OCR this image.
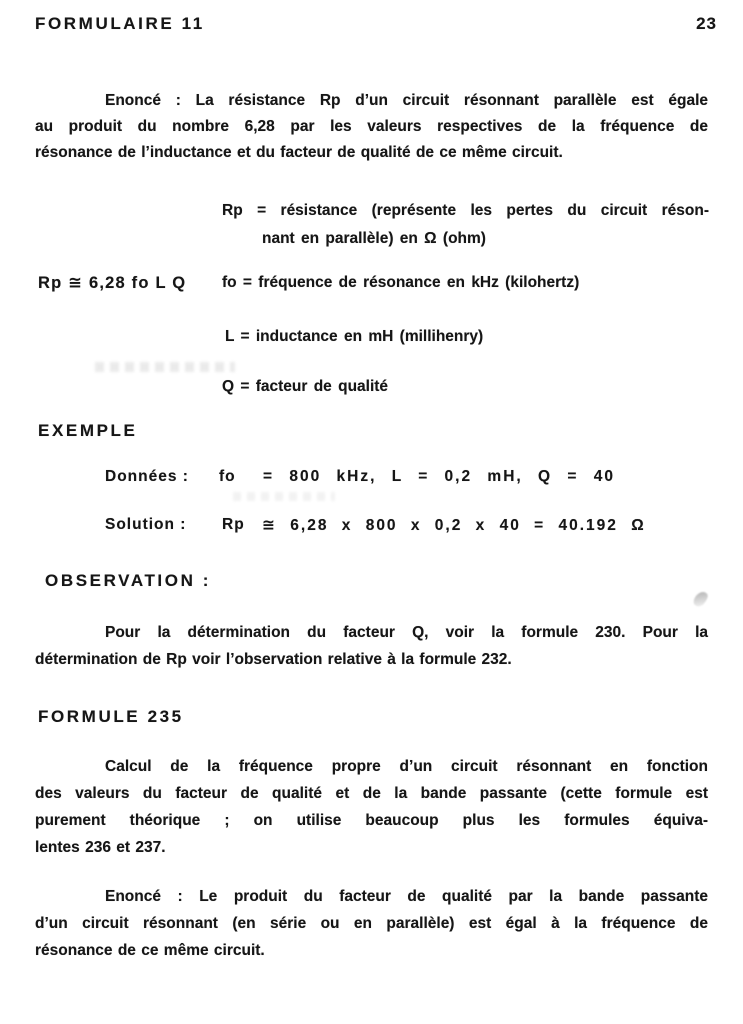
FORMULAIRE 11	23
Enoncé : La résistance Rp d’un circuit résonnant parallèle est égale
au produit du nombre 6,28 par les valeurs respectives de la fréquence de
résonance de l’inductance et du facteur de qualité de ce même circuit.
Rp = résistance (représente les pertes du circuit réson-
nant en parallèle) en Ω (ohm)
Rp ≅ 6,28 fo L Q fo = fréquence de résonance en kHz (kilohertz)
L = inductance en mH (millihenry)
Q = facteur de qualité
EXEMPLE
Données : fo = 800 kHz, L = 0,2 mH, Q = 40
Solution : Rp ≅ 6,28 x 800 x 0,2 x 40 = 40.192 Ω
OBSERVATION :
Pour la détermination du facteur Q, voir la formule 230. Pour la
détermination de Rp voir l’observation relative à la formule 232.
FORMULE 235
Calcul de la fréquence propre d’un circuit résonnant en fonction
des valeurs du facteur de qualité et de la bande passante (cette formule est
purement théorique ; on utilise beaucoup plus les formules équiva-
lentes 236 et 237.
Enoncé : Le produit du facteur de qualité par la bande passante
d’un circuit résonnant (en série ou en parallèle) est égal à la fréquence de
résonance de ce même circuit.
